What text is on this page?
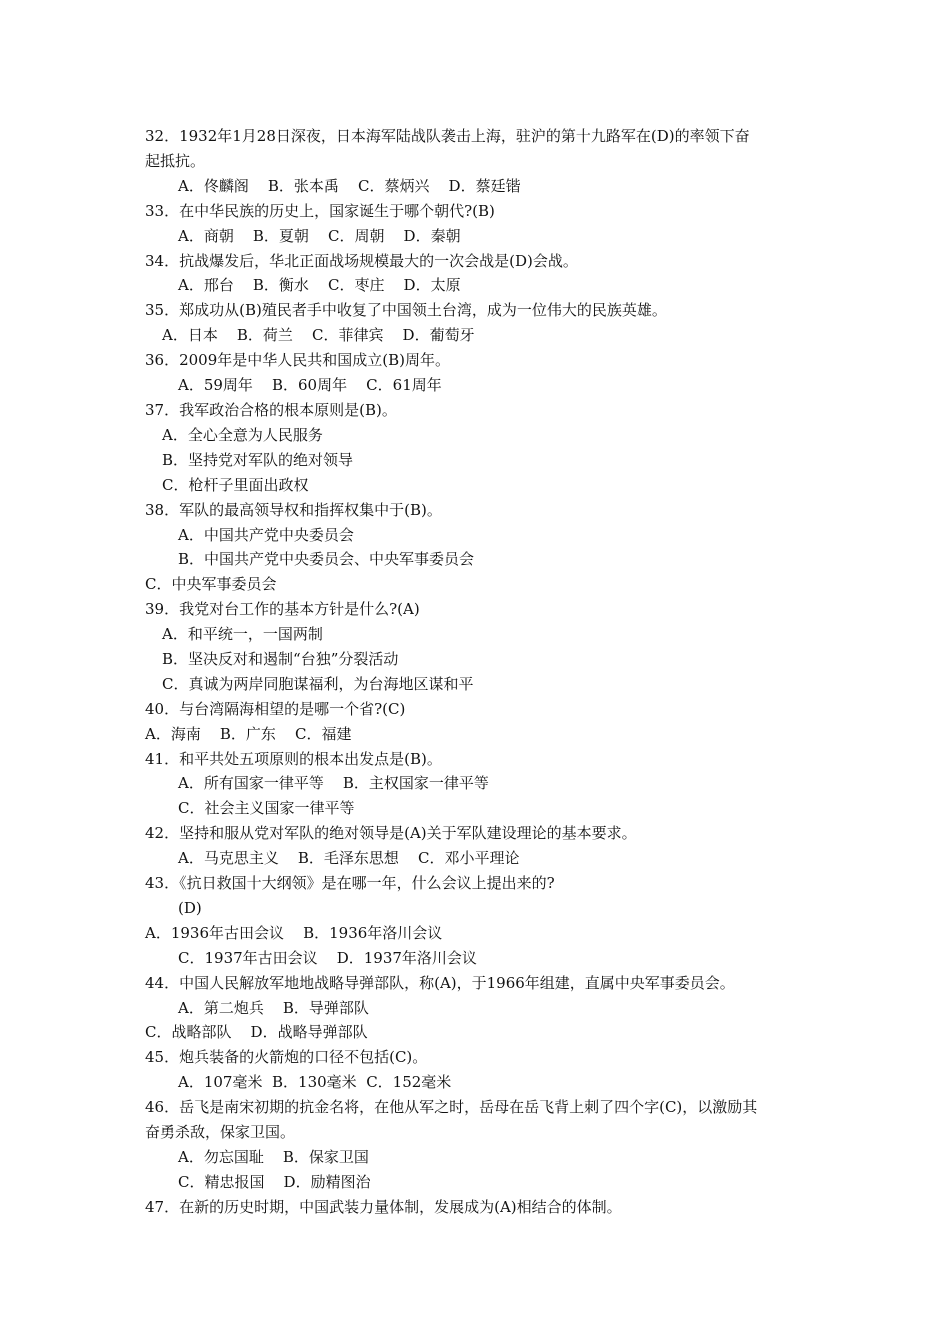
32．1932年1月28日深夜，日本海军陆战队袭击上海，驻沪的第十九路军在(D)的率领下奋
起抵抗。
A．佟麟阁    B．张本禹    C．蔡炳兴    D．蔡廷锴
33．在中华民族的历史上，国家诞生于哪个朝代?(B)
A．商朝    B．夏朝    C．周朝    D．秦朝
34．抗战爆发后，华北正面战场规模最大的一次会战是(D)会战。
A．邢台    B．衡水    C．枣庄    D．太原
35．郑成功从(B)殖民者手中收复了中国领土台湾，成为一位伟大的民族英雄。
A．日本    B．荷兰    C．菲律宾    D．葡萄牙
36．2009年是中华人民共和国成立(B)周年。
A．59周年    B．60周年    C．61周年
37．我军政治合格的根本原则是(B)。
A．全心全意为人民服务
B．坚持党对军队的绝对领导
C．枪杆子里面出政权
38．军队的最高领导权和指挥权集中于(B)。
A．中国共产党中央委员会
B．中国共产党中央委员会、中央军事委员会
C．中央军事委员会
39．我党对台工作的基本方针是什么?(A)
A．和平统一，一国两制
B．坚决反对和遏制“台独”分裂活动
C．真诚为两岸同胞谋福利，为台海地区谋和平
40．与台湾隔海相望的是哪一个省?(C)
A．海南    B．广东    C．福建
41．和平共处五项原则的根本出发点是(B)。
A．所有国家一律平等    B．主权国家一律平等
C．社会主义国家一律平等
42．坚持和服从党对军队的绝对领导是(A)关于军队建设理论的基本要求。
A．马克思主义    B．毛泽东思想    C．邓小平理论
43．《抗日救国十大纲领》是在哪一年，什么会议上提出来的?
(D)
A．1936年古田会议    B．1936年洛川会议
C．1937年古田会议    D．1937年洛川会议
44．中国人民解放军地地战略导弹部队，称(A)，于1966年组建，直属中央军事委员会。
A．第二炮兵    B．导弹部队
C．战略部队    D．战略导弹部队
45．炮兵装备的火箭炮的口径不包括(C)。
A．107毫米  B．130毫米  C．152毫米
46．岳飞是南宋初期的抗金名将，在他从军之时，岳母在岳飞背上刺了四个字(C)，以激励其
奋勇杀敌，保家卫国。
A．勿忘国耻    B．保家卫国
C．精忠报国    D．励精图治
47．在新的历史时期，中国武装力量体制，发展成为(A)相结合的体制。
